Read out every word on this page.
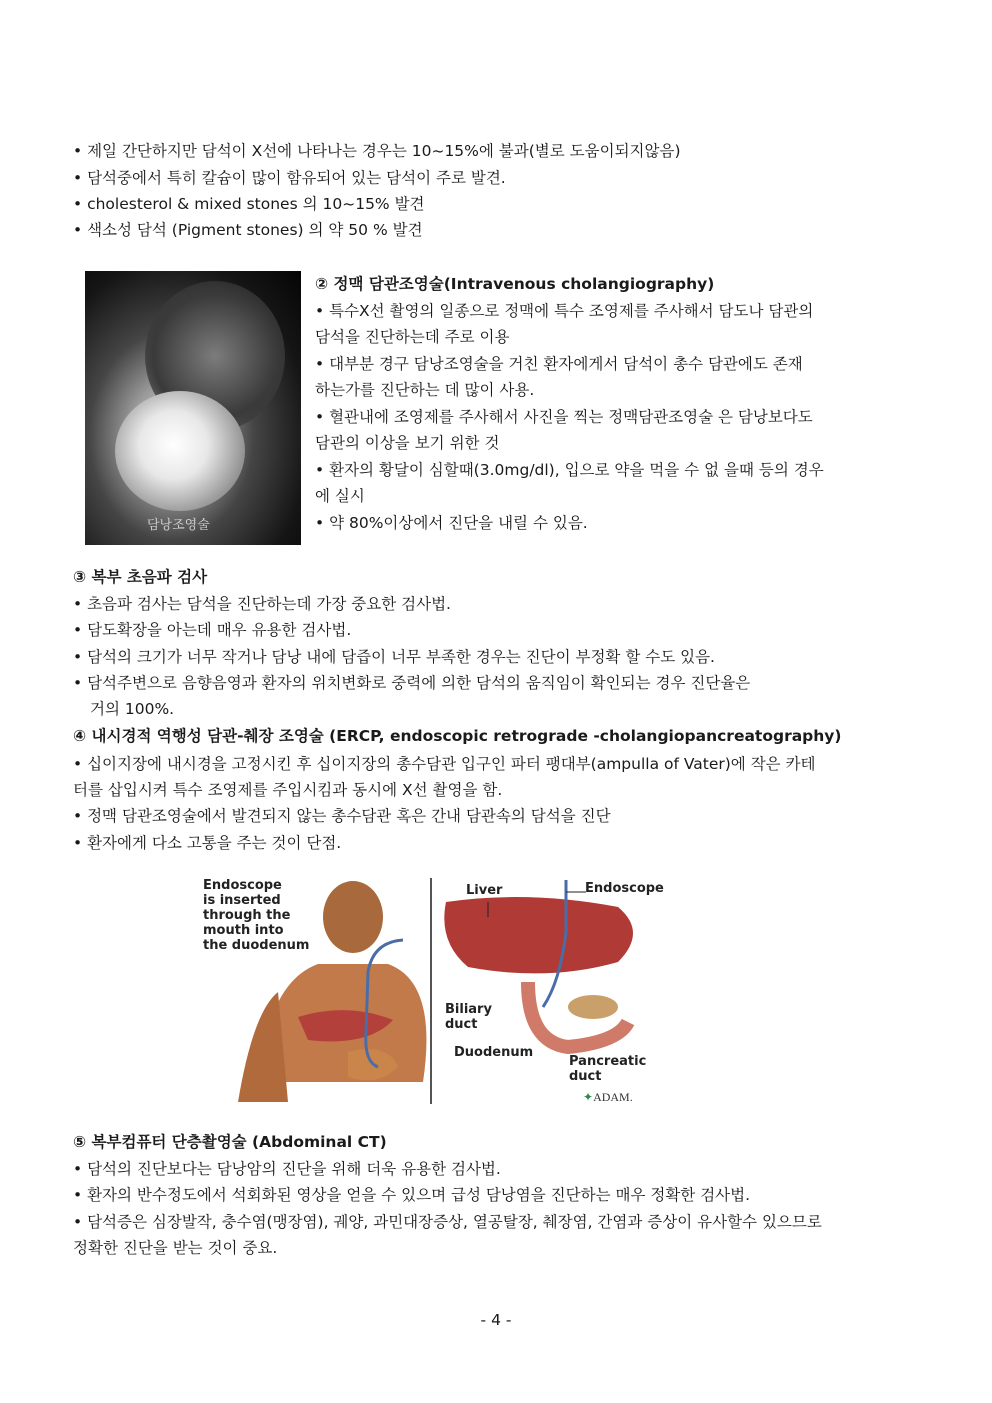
• 제일 간단하지만 담석이 X선에 나타나는 경우는 10~15%에 불과(별로 도움이되지않음)
• 담석중에서 특히 칼슘이 많이 함유되어 있는 담석이 주로 발견.
• cholesterol & mixed stones 의 10~15% 발견
• 색소성 담석 (Pigment stones) 의 약 50 % 발견
담낭조영술
② 정맥 담관조영술(Intravenous cholangiography)
• 특수X선 촬영의 일종으로 정맥에 특수 조영제를 주사해서 담도나 담관의
담석을 진단하는데 주로 이용
• 대부분 경구 담낭조영술을 거친 환자에게서 담석이 총수 담관에도 존재
하는가를 진단하는 데 많이 사용.
• 혈관내에 조영제를 주사해서 사진을 찍는 정맥담관조영술 은 담낭보다도
담관의 이상을 보기 위한 것
• 환자의 황달이 심할때(3.0mg/dl), 입으로 약을 먹을 수 없 을때 등의 경우
에 실시
• 약 80%이상에서 진단을 내릴 수 있음.
③ 복부 초음파 검사
• 초음파 검사는 담석을 진단하는데 가장 중요한 검사법.
• 담도확장을 아는데 매우 유용한 검사법.
• 담석의 크기가 너무 작거나 담낭 내에 담즙이 너무 부족한 경우는 진단이 부정확 할 수도 있음.
• 담석주변으로 음향음영과 환자의 위치변화로 중력에 의한 담석의 움직임이 확인되는 경우 진단율은
거의 100%.
④ 내시경적 역행성 담관-췌장 조영술 (ERCP, endoscopic retrograde -cholangiopancreatography)
• 십이지장에 내시경을 고정시킨 후 십이지장의 총수담관 입구인 파터 팽대부(ampulla of Vater)에 작은 카테
터를 삽입시켜 특수 조영제를 주입시킴과 동시에 X선 촬영을 함.
• 정맥 담관조영술에서 발견되지 않는 총수담관 혹은 간내 담관속의 담석을 진단
• 환자에게 다소 고통을 주는 것이 단점.
Endoscope
is inserted
through the
mouth into
the duodenum
Liver	Endoscope
Biliary
duct
Duodenum
Pancreatic
duct
✦ADAM.
⑤ 복부컴퓨터 단층촬영술 (Abdominal CT)
• 담석의 진단보다는 담낭암의 진단을 위해 더욱 유용한 검사법.
• 환자의 반수정도에서 석회화된 영상을 얻을 수 있으며 급성 담낭염을 진단하는 매우 정확한 검사법.
• 담석증은 심장발작, 충수염(맹장염), 궤양, 과민대장증상, 열공탈장, 췌장염, 간염과 증상이 유사할수 있으므로
정확한 진단을 받는 것이 중요.
- 4 -
